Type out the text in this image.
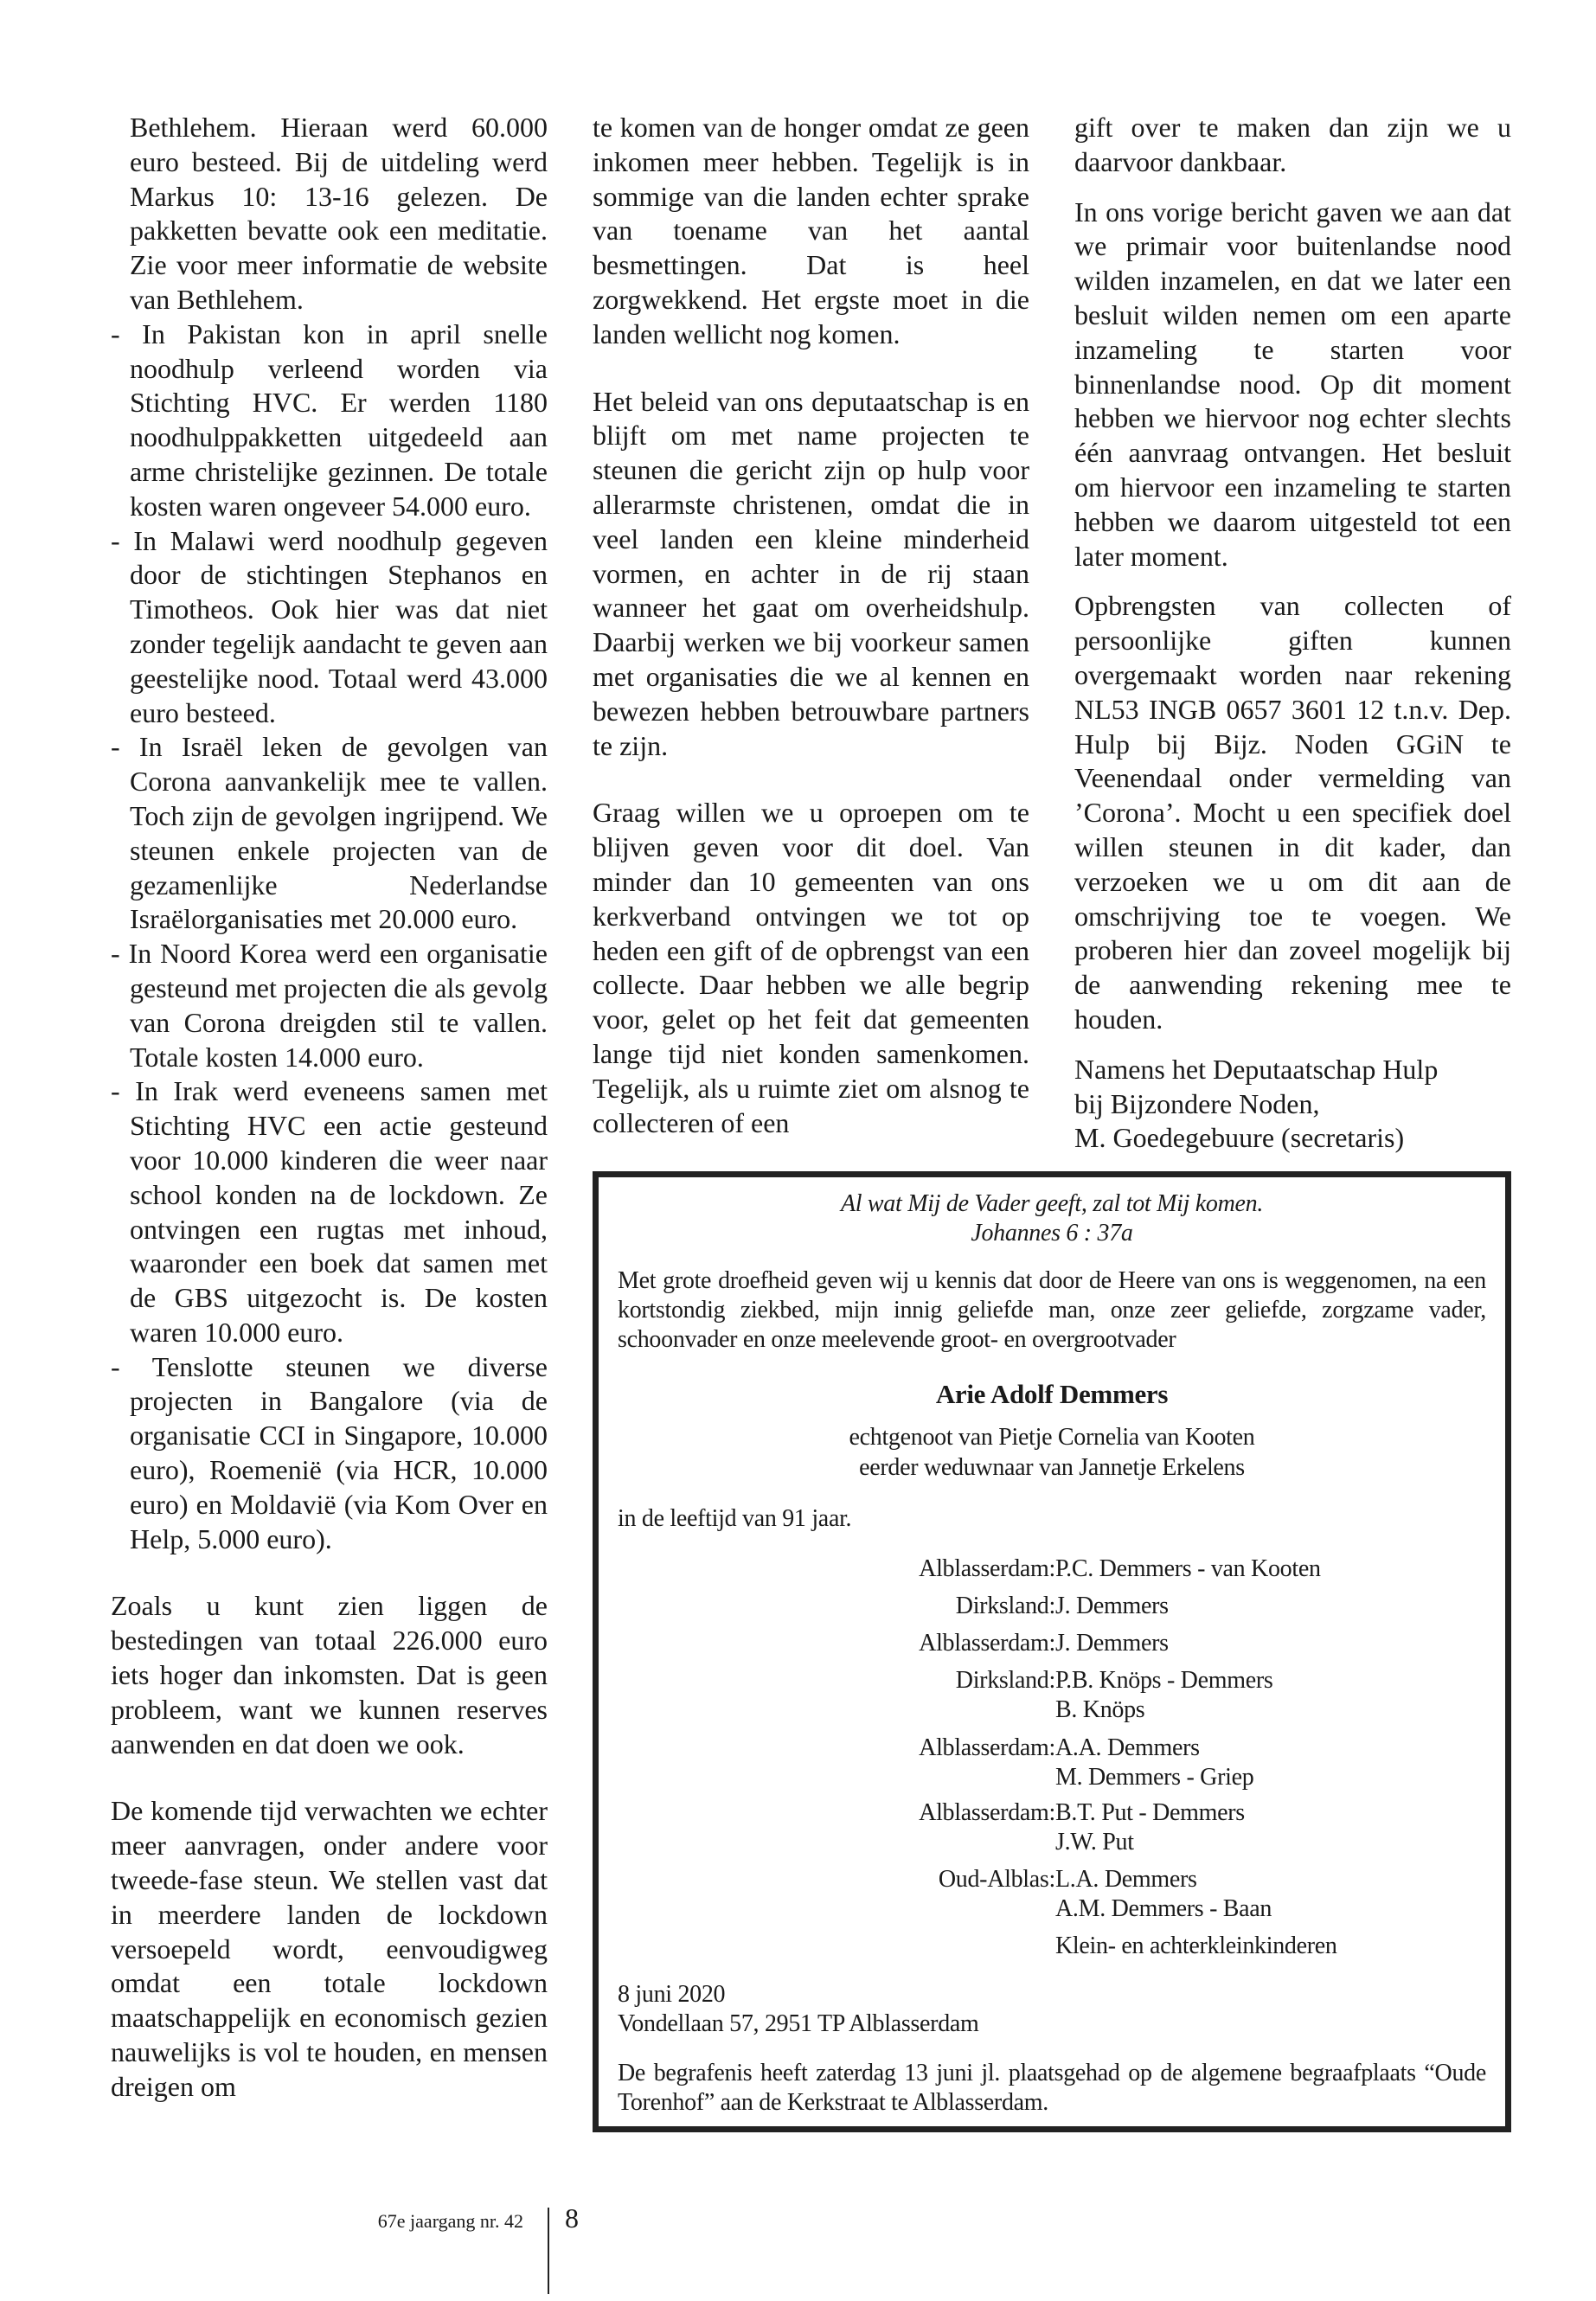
Bethlehem. Hieraan werd 60.000 euro besteed. Bij de uitdeling werd Markus 10: 13-16 gelezen. De pakketten bevatte ook een meditatie. Zie voor meer informatie de website van Bethlehem.

- In Pakistan kon in april snelle noodhulp verleend worden via Stichting HVC. Er werden 1180 noodhulppakketten uitgedeeld aan arme christelijke gezinnen. De totale kosten waren ongeveer 54.000 euro.

- In Malawi werd noodhulp gegeven door de stichtingen Stephanos en Timotheos. Ook hier was dat niet zonder tegelijk aandacht te geven aan geestelijke nood. Totaal werd 43.000 euro besteed.

- In Israël leken de gevolgen van Corona aanvankelijk mee te vallen. Toch zijn de gevolgen ingrijpend. We steunen enkele projecten van de gezamenlijke Nederlandse Israëlorganisaties met 20.000 euro.

- In Noord Korea werd een organisatie gesteund met projecten die als gevolg van Corona dreigden stil te vallen. Totale kosten 14.000 euro.

- In Irak werd eveneens samen met Stichting HVC een actie gesteund voor 10.000 kinderen die weer naar school konden na de lockdown. Ze ontvingen een rugtas met inhoud, waaronder een boek dat samen met de GBS uitgezocht is. De kosten waren 10.000 euro.

- Tenslotte steunen we diverse projecten in Bangalore (via de organisatie CCI in Singapore, 10.000 euro), Roemenië (via HCR, 10.000 euro) en Moldavië (via Kom Over en Help, 5.000 euro).

Zoals u kunt zien liggen de bestedingen van totaal 226.000 euro iets hoger dan inkomsten. Dat is geen probleem, want we kunnen reserves aanwenden en dat doen we ook.

De komende tijd verwachten we echter meer aanvragen, onder andere voor tweede-fase steun. We stellen vast dat in meerdere landen de lockdown versoepeld wordt, eenvoudigweg omdat een totale lockdown maatschappelijk en economisch gezien nauwelijks is vol te houden, en mensen dreigen om

te komen van de honger omdat ze geen inkomen meer hebben. Tegelijk is in sommige van die landen echter sprake van toename van het aantal besmettingen. Dat is heel zorgwekkend. Het ergste moet in die landen wellicht nog komen.

Het beleid van ons deputaatschap is en blijft om met name projecten te steunen die gericht zijn op hulp voor allerarmste christenen, omdat die in veel landen een kleine minderheid vormen, en achter in de rij staan wanneer het gaat om overheidshulp. Daarbij werken we bij voorkeur samen met organisaties die we al kennen en bewezen hebben betrouwbare partners te zijn.

Graag willen we u oproepen om te blijven geven voor dit doel. Van minder dan 10 gemeenten van ons kerkverband ontvingen we tot op heden een gift of de opbrengst van een collecte. Daar hebben we alle begrip voor, gelet op het feit dat gemeenten lange tijd niet konden samenkomen. Tegelijk, als u ruimte ziet om alsnog te collecteren of een

gift over te maken dan zijn we u daarvoor dankbaar.

In ons vorige bericht gaven we aan dat we primair voor buitenlandse nood wilden inzamelen, en dat we later een besluit wilden nemen om een aparte inzameling te starten voor binnenlandse nood. Op dit moment hebben we hiervoor nog echter slechts één aanvraag ontvangen. Het besluit om hiervoor een inzameling te starten hebben we daarom uitgesteld tot een later moment.

Opbrengsten van collecten of persoonlijke giften kunnen overgemaakt worden naar rekening NL53 INGB 0657 3601 12 t.n.v. Dep. Hulp bij Bijz. Noden GGiN te Veenendaal onder vermelding van ’Corona’. Mocht u een specifiek doel willen steunen in dit kader, dan verzoeken we u om dit aan de omschrijving toe te voegen. We proberen hier dan zoveel mogelijk bij de aanwending rekening mee te houden.

Namens het Deputaatschap Hulp
bij Bijzondere Noden,
M. Goedegebuure (secretaris)
Al wat Mij de Vader geeft, zal tot Mij komen.
Johannes 6 : 37a
Met grote droefheid geven wij u kennis dat door de Heere van ons is weggenomen, na een kortstondig ziekbed, mijn innig geliefde man, onze zeer geliefde, zorgzame vader, schoonvader en onze meelevende groot- en overgrootvader
Arie Adolf Demmers
echtgenoot van Pietje Cornelia van Kooten
eerder weduwnaar van Jannetje Erkelens
in de leeftijd van 91 jaar.
Alblasserdam: P.C. Demmers - van Kooten
Dirksland: J. Demmers
Alblasserdam: J. Demmers
Dirksland: P.B. Knöps - Demmers
B. Knöps
Alblasserdam: A.A. Demmers
M. Demmers - Griep
Alblasserdam: B.T. Put - Demmers
J.W. Put
Oud-Alblas: L.A. Demmers
A.M. Demmers - Baan
Klein- en achterkleinkinderen
8 juni 2020
Vondellaan 57, 2951 TP Alblasserdam
De begrafenis heeft zaterdag 13 juni jl. plaatsgehad op de algemene begraafplaats “Oude Torenhof” aan de Kerkstraat te Alblasserdam.
67e jaargang nr. 42 8
